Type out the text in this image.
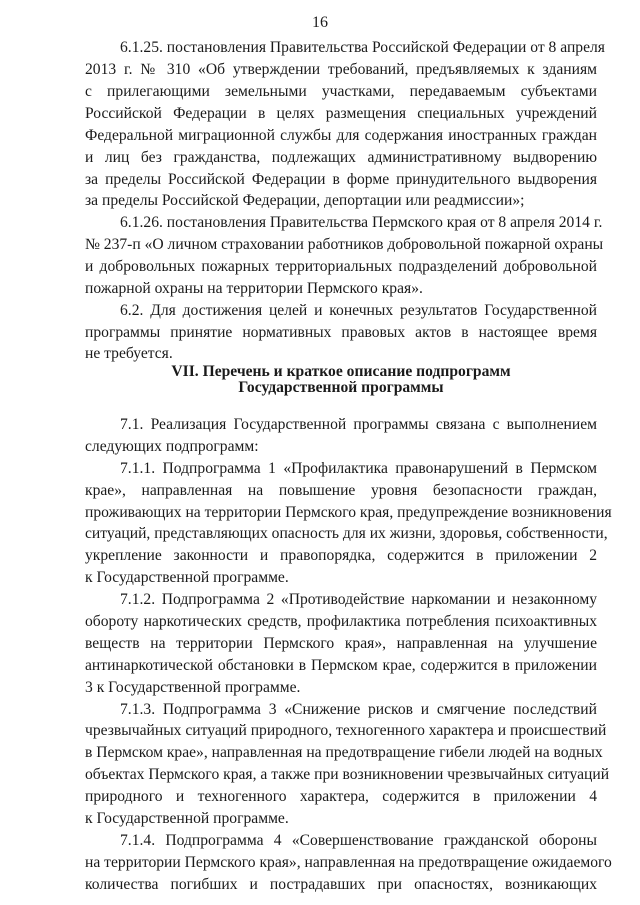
16
6.1.25. постановления Правительства Российской Федерации от 8 апреля
2013 г. № 310 «Об утверждении требований, предъявляемых к зданиям
с прилегающими земельными участками, передаваемым субъектами
Российской Федерации в целях размещения специальных учреждений
Федеральной миграционной службы для содержания иностранных граждан
и лиц без гражданства, подлежащих административному выдворению
за пределы Российской Федерации в форме принудительного выдворения
за пределы Российской Федерации, депортации или реадмиссии»;
6.1.26. постановления Правительства Пермского края от 8 апреля 2014 г.
№ 237-п «О личном страховании работников добровольной пожарной охраны
и добровольных пожарных территориальных подразделений добровольной
пожарной охраны на территории Пермского края».
6.2. Для достижения целей и конечных результатов Государственной
программы принятие нормативных правовых актов в настоящее время
не требуется.
VII. Перечень и краткое описание подпрограмм
Государственной программы
7.1. Реализация Государственной программы связана с выполнением
следующих подпрограмм:
7.1.1. Подпрограмма 1 «Профилактика правонарушений в Пермском
крае», направленная на повышение уровня безопасности граждан,
проживающих на территории Пермского края, предупреждение возникновения
ситуаций, представляющих опасность для их жизни, здоровья, собственности,
укрепление законности и правопорядка, содержится в приложении 2
к Государственной программе.
7.1.2. Подпрограмма 2 «Противодействие наркомании и незаконному
обороту наркотических средств, профилактика потребления психоактивных
веществ на территории Пермского края», направленная на улучшение
антинаркотической обстановки в Пермском крае, содержится в приложении
3 к Государственной программе.
7.1.3. Подпрограмма 3 «Снижение рисков и смягчение последствий
чрезвычайных ситуаций природного, техногенного характера и происшествий
в Пермском крае», направленная на предотвращение гибели людей на водных
объектах Пермского края, а также при возникновении чрезвычайных ситуаций
природного и техногенного характера, содержится в приложении 4
к Государственной программе.
7.1.4. Подпрограмма 4 «Совершенствование гражданской обороны
на территории Пермского края», направленная на предотвращение ожидаемого
количества погибших и пострадавших при опасностях, возникающих
